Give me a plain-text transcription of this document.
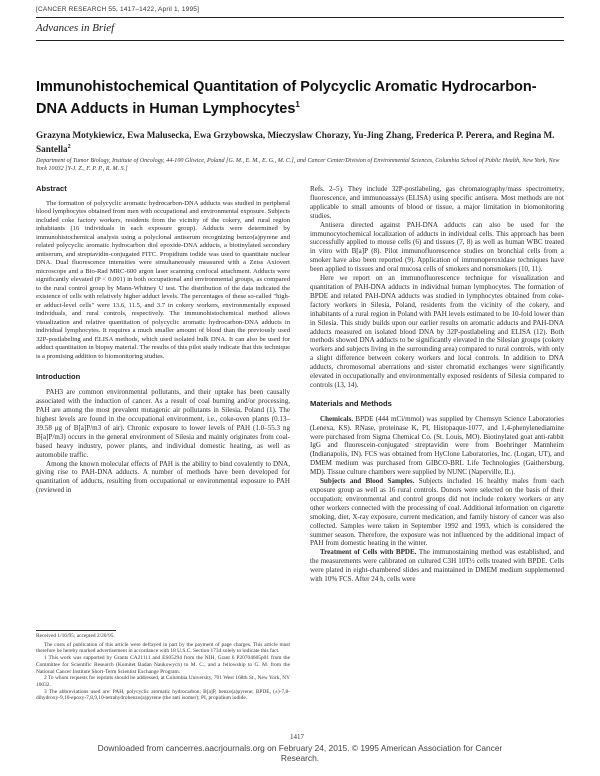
[CANCER RESEARCH 55, 1417–1422, April 1, 1995]
Advances in Brief
Immunohistochemical Quantitation of Polycyclic Aromatic Hydrocarbon-DNA Adducts in Human Lymphocytes$^1$
Grazyna Motykiewicz, Ewa Malusecka, Ewa Grzybowska, Mieczyslaw Chorazy, Yu-Jing Zhang, Frederica P. Perera, and Regina M. Santella$^2$
Department of Tumor Biology, Institute of Oncology, 44-100 Gliwice, Poland [G. M., E. M., E. G., M. C.], and Cancer Center/Division of Environmental Sciences, Columbia School of Public Health, New York, New York 10032 [Y-J. Z., F. P. P., R. M. S.]

Abstract

The formation of polycyclic aromatic hydrocarbon-DNA adducts was studied in peripheral blood lymphocytes obtained from men with occupational and environmental exposure. Subjects included coke factory workers, residents from the vicinity of the cokery, and rural region inhabitants (16 individuals in each exposure group). Adducts were determined by immunohistochemical analysis using a polyclonal antiserum recognizing benzo(a)pyrene and related polycyclic aromatic hydrocarbon diol epoxide-DNA adducts, a biotinylated secondary antiserum, and streptavidin-conjugated FITC. Propidium iodide was used to quantitate nuclear DNA. Dual fluorescence intensities were simultaneously measured with a Zeiss Axiovert microscope and a Bio-Rad MRC-600 argon laser scanning confocal attachment. Adducts were significantly elevated (P < 0.001) in both occupational and environmental groups, as compared to the rural control group by Mann-Whitney U test. The distribution of the data indicated the existence of cells with relatively higher adduct levels. The percentages of these so-called "high-er adduct-level cells" were 13.6, 11.5, and 3.7 in cokery workers, environmentally exposed individuals, and rural controls, respectively. The immunohistochemical method allows visualization and relative quantitation of polycyclic aromatic hydrocarbon-DNA adducts in individual lymphocytes. It requires a much smaller amount of blood than the previously used 32P-postlabeling and ELISA methods, which used isolated bulk DNA. It can also be used for adduct quantitation in biopsy material. The results of this pilot study indicate that this technique is a promising addition to biomonitoring studies.

Introduction

PAH3 are common environmental pollutants, and their uptake has been causally associated with the induction of cancer. As a result of coal burning and/or processing, PAH are among the most prevalent mutagenic air pollutants in Silesia, Poland (1). The highest levels are found in the occupational environment, i.e., coke-oven plants (0.13–39.58 μg of B[a]P/m3 of air). Chronic exposure to lower levels of PAH (1.0–55.3 ng B[a]P/m3) occurs in the general environment of Silesia and mainly originates from coal-based heavy industry, power plants, and individual domestic heating, as well as automobile traffic.

Among the known molecular effects of PAH is the ability to bind covalently to DNA, giving rise to PAH-DNA adducts. A number of methods have been developed for quantitation of adducts, resulting from occupational or environmental exposure to PAH (reviewed in

Received 1/16/95; accepted 2/20/95.

The costs of publication of this article were defrayed in part by the payment of page charges. This article must therefore be hereby marked advertisement in accordance with 18 U.S.C. Section 1734 solely to indicate this fact.

1 This work was supported by Grants CA21111 and ES05294 from the NIH, Grant 6 P20704605p01 from the Committee for Scientific Research (Komitet Badan Naukowych) to M. C., and a fellowship to G. M. from the National Cancer Institute Short-Term Scientist Exchange Program.

2 To whom requests for reprints should be addressed, at Columbia University, 701 West 168th St., New York, NY 10032.

3 The abbreviations used are: PAH, polycyclic aromatic hydrocarbon; B[a]P, benzo(a)pyrene; BPDE, (±)-7,8-dihydroxy-9,10-epoxy-7,8,9,10-tetrahydrobenzo(a)pyrene (the anti isomer); PI, propidium iodide.

Refs. 2–5). They include 32P-postlabeling, gas chromatography/mass spectrometry, fluorescence, and immunoassays (ELISA) using specific antisera. Most methods are not applicable to small amounts of blood or tissue, a major limitation in biomonitoring studies.

Antisera directed against PAH-DNA adducts can also be used for the immunocytochemical localization of adducts in individual cells. This approach has been successfully applied to mouse cells (6) and tissues (7, 8) as well as human WBC treated in vitro with B[a]P (8). Pilot immunofluorescence studies on bronchial cells from a smoker have also been reported (9). Application of immunoperoxidase techniques have been applied to tissues and oral mucosa cells of smokers and nonsmokers (10, 11).

Here we report on an immunofluorescence technique for visualization and quantitation of PAH-DNA adducts in individual human lymphocytes. The formation of BPDE and related PAH-DNA adducts was studied in lymphocytes obtained from coke-factory workers in Silesia, Poland, residents from the vicinity of the cokery, and inhabitants of a rural region in Poland with PAH levels estimated to be 10-fold lower than in Silesia. This study builds upon our earlier results on aromatic adducts and PAH-DNA adducts measured on isolated blood DNA by 32P-postlabeling and ELISA (12). Both methods showed DNA adducts to be significantly elevated in the Silesian groups (cokery workers and subjects living in the surrounding area) compared to rural controls, with only a slight difference between cokery workers and local controls. In addition to DNA adducts, chromosomal aberrations and sister chromatid exchanges were significantly elevated in occupationally and environmentally exposed residents of Silesia compared to controls (13, 14).

Materials and Methods

Chemicals. BPDE (444 mCi/mmol) was supplied by Chemsyn Science Laboratories (Lenexa, KS). RNase, proteinase K, PI, Histopaque-1077, and 1,4-phenylenediamine were purchased from Sigma Chemical Co. (St. Louis, MO). Biotinylated goat anti-rabbit IgG and fluorescein-conjugated streptavidin were from Boehringer Mannheim (Indianapolis, IN). FCS was obtained from HyClone Laboratories, Inc. (Logan, UT), and DMEM medium was purchased from GIBCO-BRL Life Technologies (Gaithersburg, MD). Tissue culture chambers were supplied by NUNC (Naperville, IL).

Subjects and Blood Samples. Subjects included 16 healthy males from each exposure group as well as 16 rural controls. Donors were selected on the basis of their occupation; environmental and control groups did not include cokery workers or any other workers connected with the processing of coal. Additional information on cigarette smoking, diet, X-ray exposure, current medication, and family history of cancer was also collected. Samples were taken in September 1992 and 1993, which is considered the summer season. Therefore, the exposure was not influenced by the additional impact of PAH from domestic heating in the winter.

Treatment of Cells with BPDE. The immunostaining method was established, and the measurements were calibrated on cultured C3H 10T½ cells treated with BPDE. Cells were plated in eight-chambered slides and maintained in DMEM medium supplemented with 10% FCS. After 24 h, cells were

1417
Downloaded from cancerres.aacrjournals.org on February 24, 2015. © 1995 American Association for Cancer
Research.
